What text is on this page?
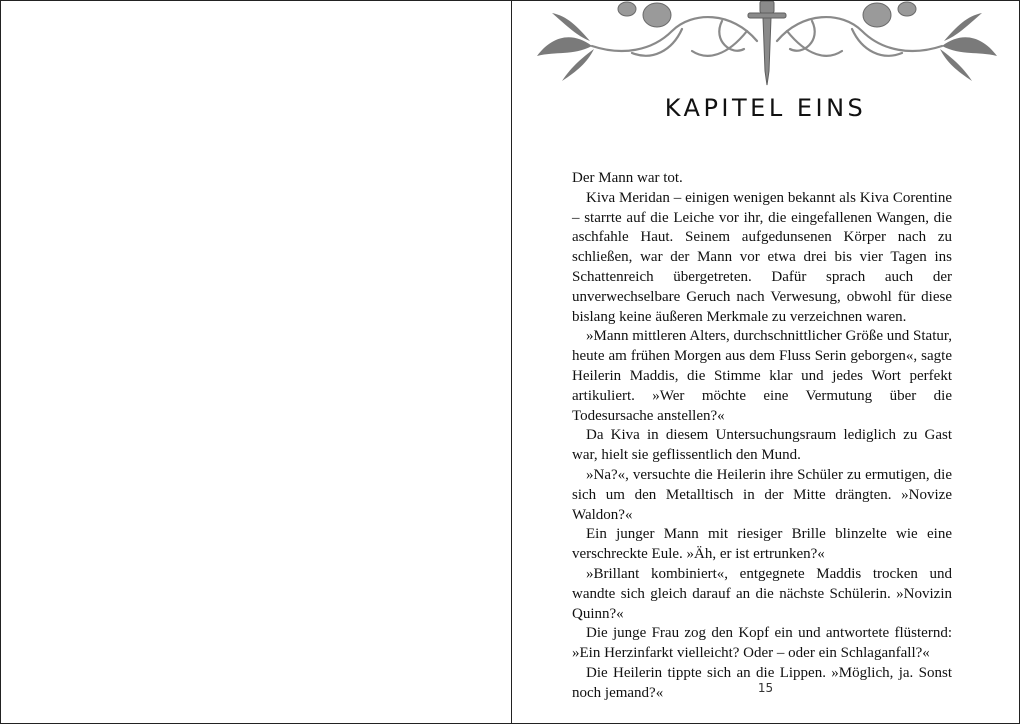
KAPITEL EINS

Der Mann war tot.

Kiva Meridan – einigen wenigen bekannt als Kiva Corentine – starrte auf die Leiche vor ihr, die eingefallenen Wangen, die aschfahle Haut. Seinem aufgedunsenen Körper nach zu schließen, war der Mann vor etwa drei bis vier Tagen ins Schattenreich übergetreten. Dafür sprach auch der unverwechselbare Geruch nach Verwesung, obwohl für diese bislang keine äußeren Merkmale zu verzeichnen waren.

»Mann mittleren Alters, durchschnittlicher Größe und Statur, heute am frühen Morgen aus dem Fluss Serin geborgen«, sagte Heilerin Maddis, die Stimme klar und jedes Wort perfekt artikuliert. »Wer möchte eine Vermutung über die Todesursache anstellen?«

Da Kiva in diesem Untersuchungsraum lediglich zu Gast war, hielt sie geflissentlich den Mund.

»Na?«, versuchte die Heilerin ihre Schüler zu ermutigen, die sich um den Metalltisch in der Mitte drängten. »Novize Waldon?«

Ein junger Mann mit riesiger Brille blinzelte wie eine verschreckte Eule. »Äh, er ist ertrunken?«

»Brillant kombiniert«, entgegnete Maddis trocken und wandte sich gleich darauf an die nächste Schülerin. »Novizin Quinn?«

Die junge Frau zog den Kopf ein und antwortete flüsternd: »Ein Herzinfarkt vielleicht? Oder – oder ein Schlaganfall?«

Die Heilerin tippte sich an die Lippen. »Möglich, ja. Sonst noch jemand?«	15
